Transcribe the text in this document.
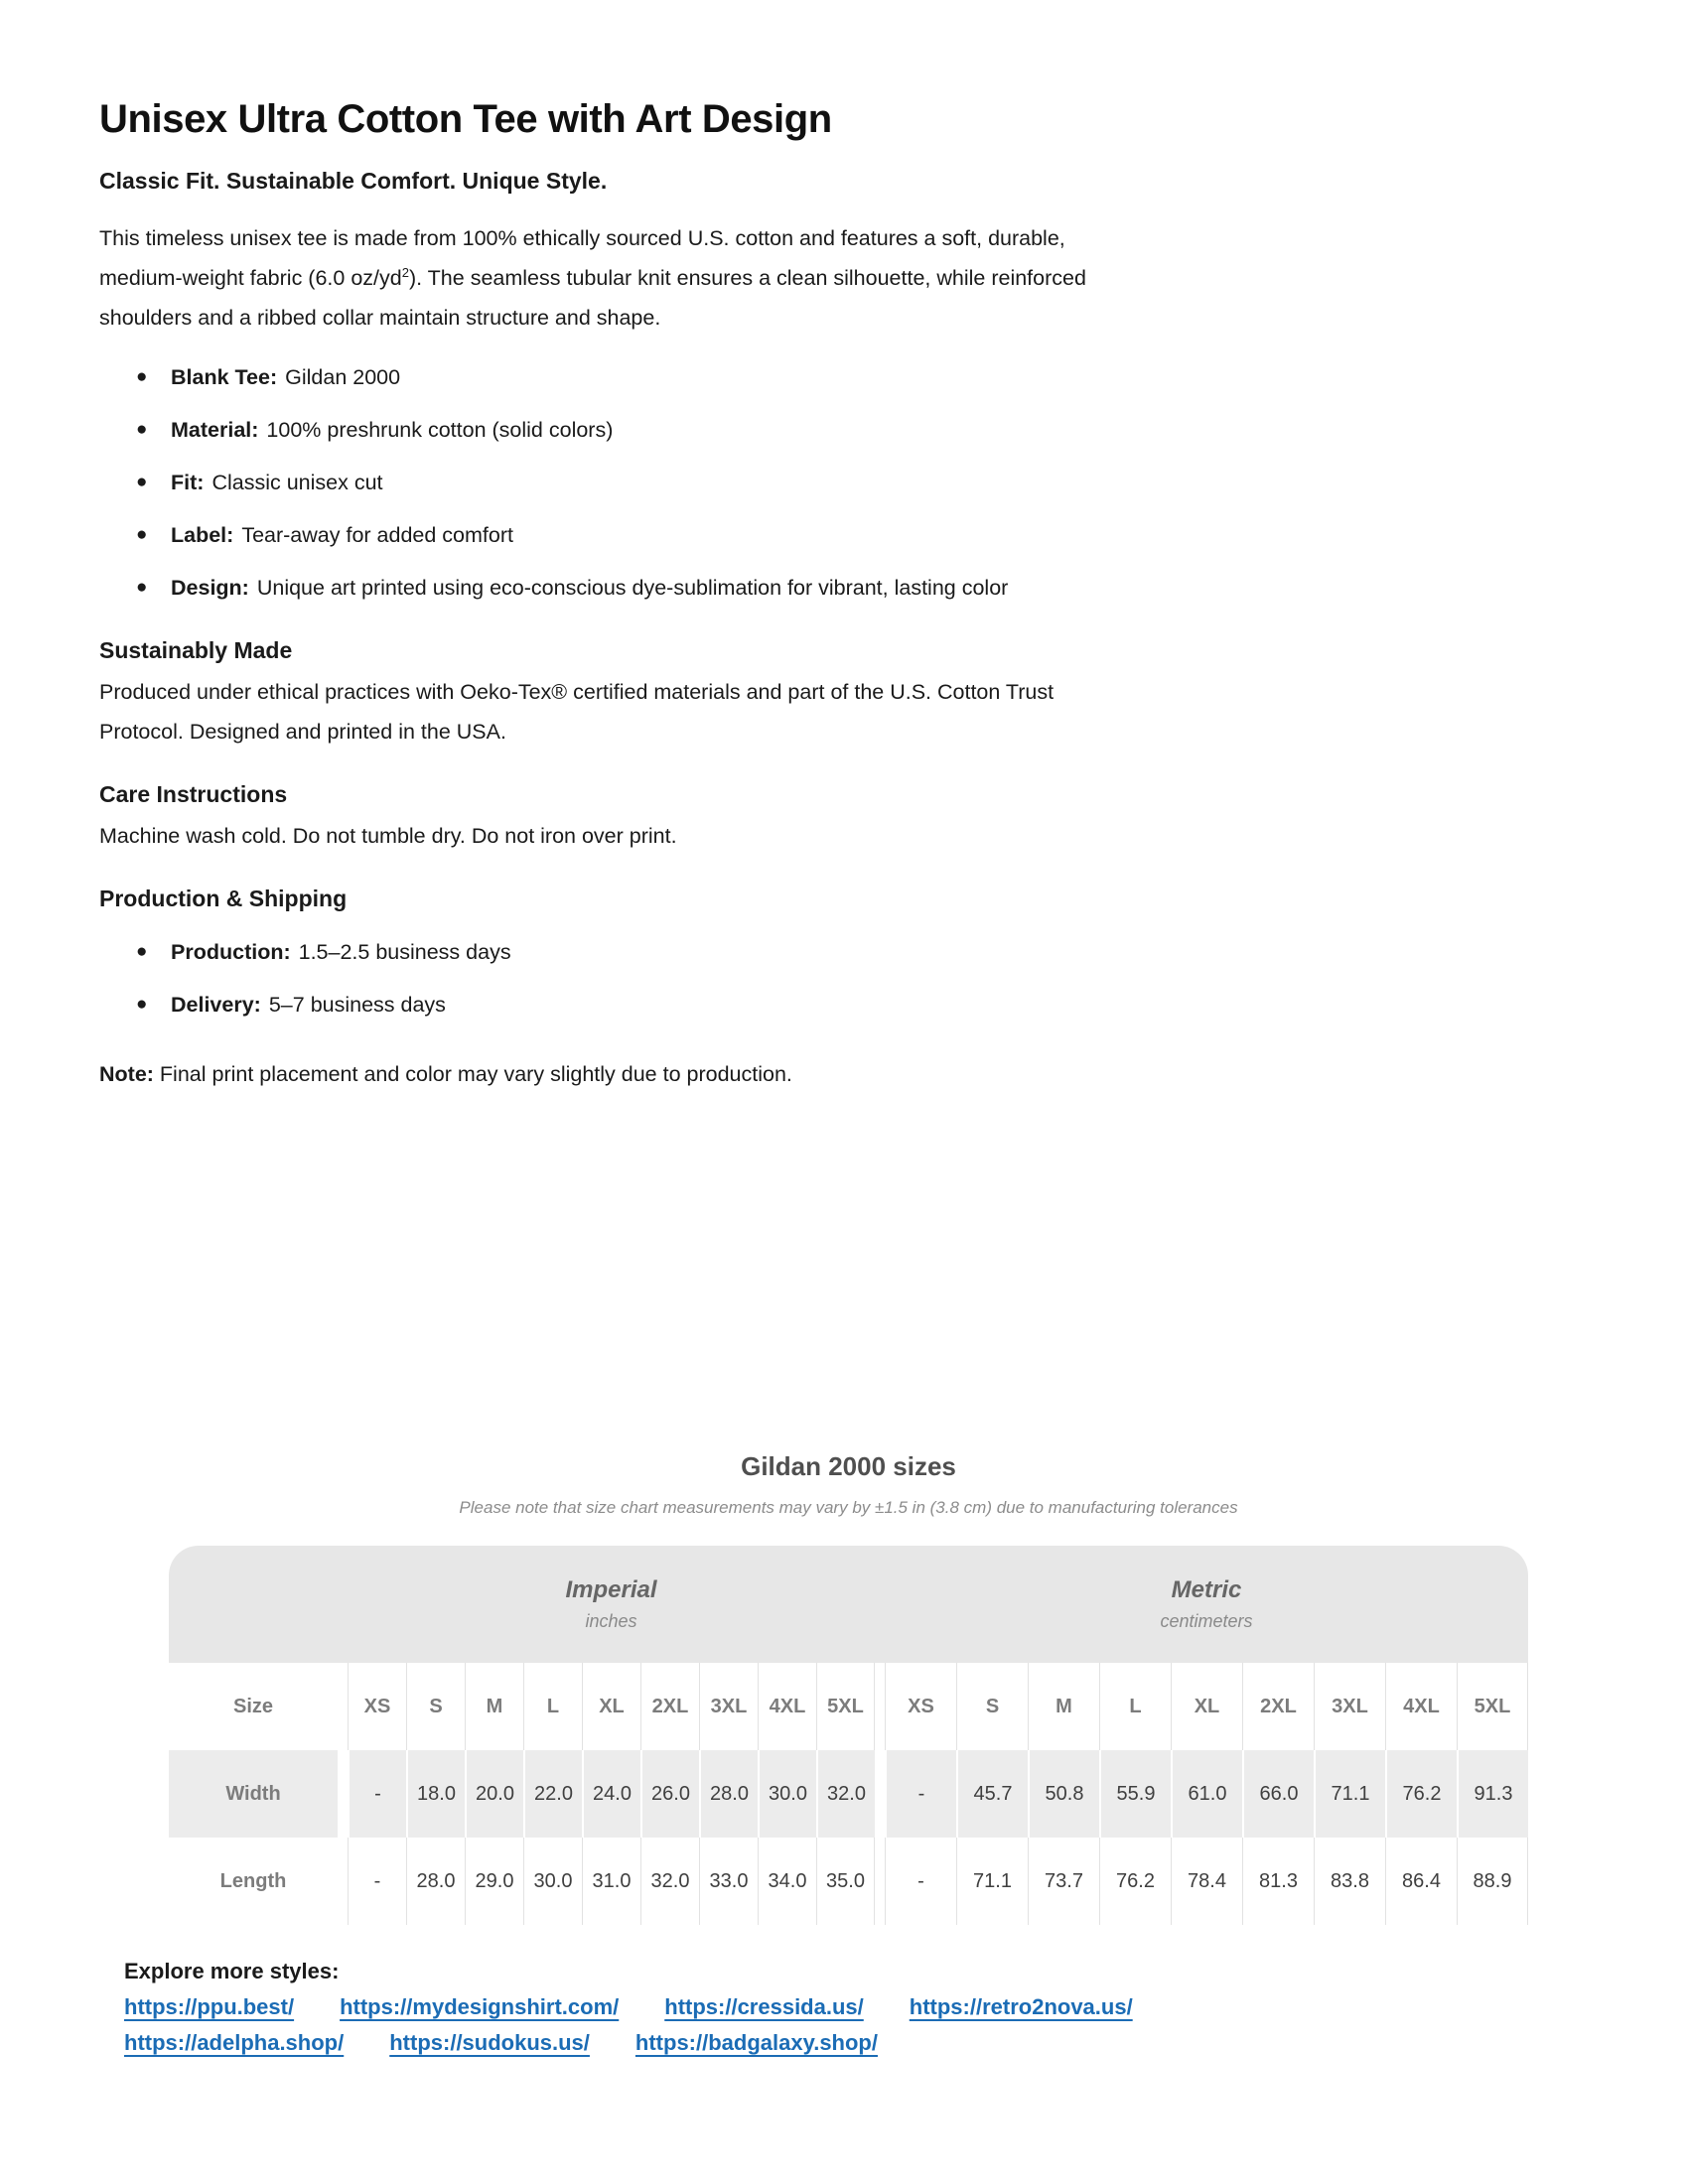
Unisex Ultra Cotton Tee with Art Design
Classic Fit. Sustainable Comfort. Unique Style.

This timeless unisex tee is made from 100% ethically sourced U.S. cotton and features a soft, durable, medium-weight fabric (6.0 $oz/yd^2$). The seamless tubular knit ensures a clean silhouette, while reinforced shoulders and a ribbed collar maintain structure and shape.

●	Blank Tee: Gildan 2000
●	Material: 100% preshrunk cotton (solid colors)
●	Fit: Classic unisex cut
●	Label: Tear-away for added comfort
●	Design: Unique art printed using eco-conscious dye-sublimation for vibrant, lasting color
Sustainably Made

Produced under ethical practices with Oeko-Tex® certified materials and part of the U.S. Cotton Trust Protocol. Designed and printed in the USA.

Care Instructions

Machine wash cold. Do not tumble dry. Do not iron over print.

Production & Shipping
●	Production: 1.5–2.5 business days
●	Delivery: 5–7 business days

Note: Final print placement and color may vary slightly due to production.

Gildan 2000 sizes
Please note that size chart measurements may vary by ±1.5 in (3.8 cm) due to manufacturing tolerances
Imperial
inches
Metric
centimeters
Size	XS	S	M	L	XL	2XL	3XL	4XL	5XL	XS	S	M	L	XL	2XL	3XL	4XL	5XL
Width	-	18.0	20.0	22.0	24.0	26.0	28.0	30.0	32.0	-	45.7	50.8	55.9	61.0	66.0	71.1	76.2	91.3
Length	-	28.0	29.0	30.0	31.0	32.0	33.0	34.0 35.0	-	71.1	73.7	76.2	78.4	81.3	83.8	86.4	88.9
Explore more styles:
https://ppu.best/ https://mydesignshirt.com/ https://cressida.us/ https://retro2nova.us/
https://adelpha.shop/ https://sudokus.us/ https://badgalaxy.shop/
